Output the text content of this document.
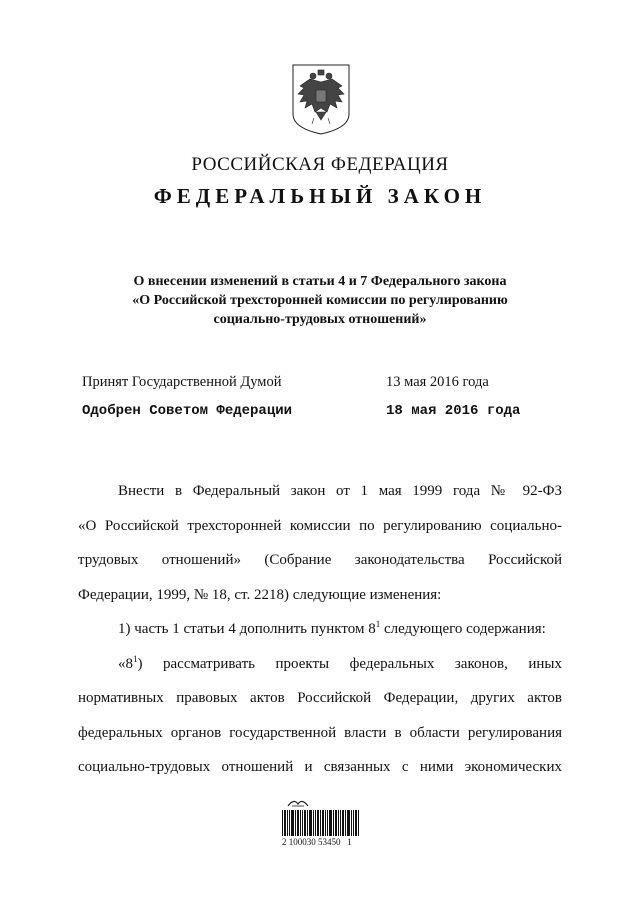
РОССИЙСКАЯ ФЕДЕРАЦИЯ
ФЕДЕРАЛЬНЫЙ ЗАКОН

О внесении изменений в статьи 4 и 7 Федерального закона

«О Российской трехсторонней комиссии по регулированию

социально-трудовых отношений»

Принят Государственной Думой	13 мая 2016 года
Одобрен Советом Федерации	18 мая 2016 года
Внести в Федеральный закон от 1 мая 1999 года № 92-ФЗ
«О Российской трехсторонней комиссии по регулированию социально-
трудовых отношений» (Собрание законодательства Российской
Федерации, 1999, № 18, ст. 2218) следующие изменения:
1) часть 1 статьи 4 дополнить пунктом $8^1$ следующего содержания:
«$8^1$) рассматривать проекты федеральных законов, иных
нормативных правовых актов Российской Федерации, других актов
федеральных органов государственной власти в области регулирования
социально-трудовых отношений и связанных с ними экономических
2 100030 53450 1
